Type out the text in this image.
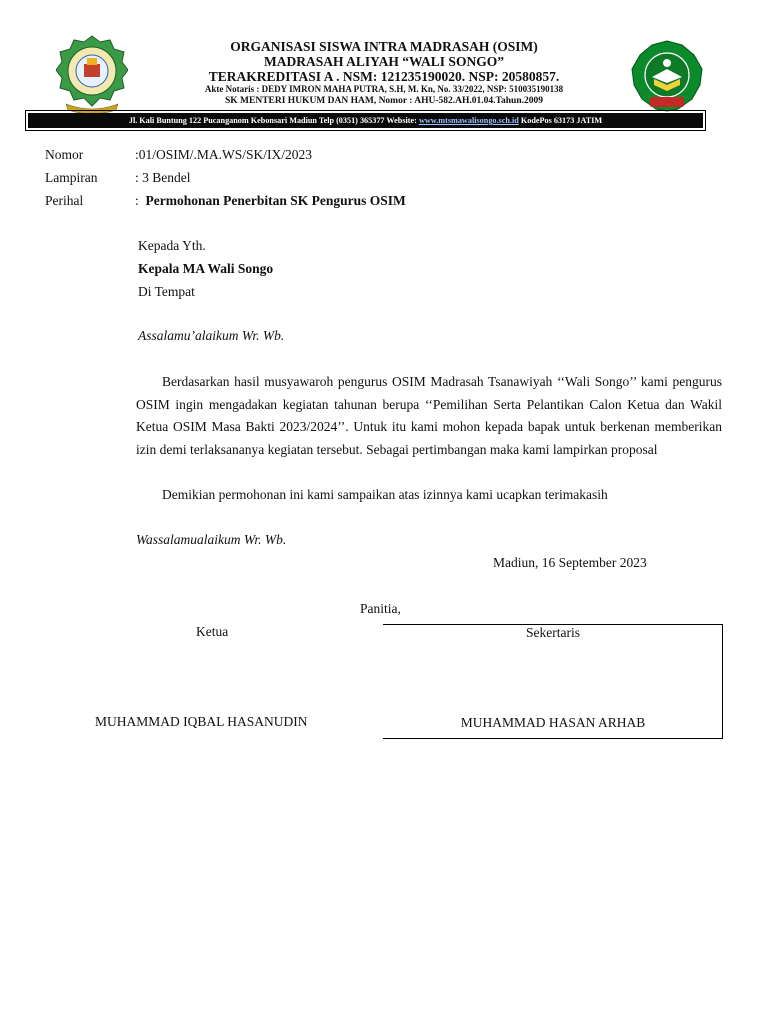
ORGANISASI SISWA INTRA MADRASAH (OSIM)
MADRASAH ALIYAH “WALI SONGO”
TERAKREDITASI A . NSM: 121235190020. NSP: 20580857.
Akte Notaris : DEDY IMRON MAHA PUTRA, S.H, M. Kn, No. 33/2022, NSP: 510035190138
SK MENTERI HUKUM DAN HAM, Nomor : AHU-582.AH.01.04.Tahun.2009
Jl. Kali Buntung 122 Pucanganom Kebonsari Madiun Telp (0351) 365377 Website: www.mtsmawalisongo.sch.id KodePos 63173 JATIM
Nomor	:01/OSIM/.MA.WS/SK/IX/2023
Lampiran	: 3 Bendel
Perihal	:  Permohonan Penerbitan SK Pengurus OSIM
Kepada Yth.
Kepala MA Wali Songo
Di Tempat
Assalamu’alaikum Wr. Wb.
Berdasarkan hasil musyawaroh pengurus OSIM Madrasah Tsanawiyah ‘‘Wali Songo’’ kami pengurus OSIM ingin mengadakan kegiatan tahunan berupa ‘‘Pemilihan Serta Pelantikan Calon Ketua dan Wakil Ketua OSIM Masa Bakti 2023/2024’’. Untuk itu kami mohon kepada bapak untuk berkenan memberikan izin demi terlaksananya kegiatan tersebut. Sebagai pertimbangan maka kami lampirkan proposal
Demikian permohonan ini kami sampaikan atas izinnya kami ucapkan terimakasih
Wassalamualaikum Wr. Wb.
Madiun, 16 September 2023
Panitia,
Ketua	Sekertaris
MUHAMMAD HASAN ARHAB
MUHAMMAD IQBAL HASANUDIN
